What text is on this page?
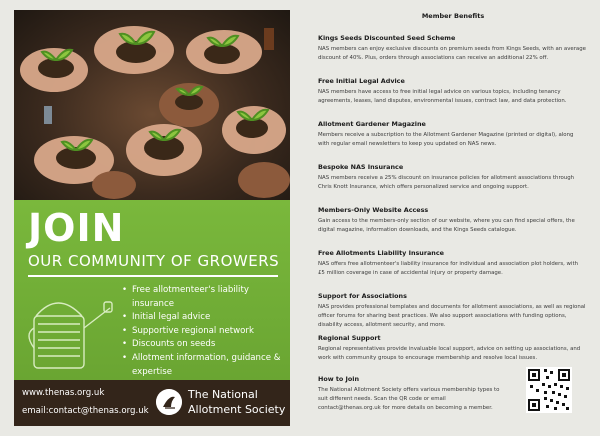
JOIN
OUR COMMUNITY OF GROWERS
• Free allotmenteer's liability insurance
• Initial legal advice
• Supportive regional network
• Discounts on seeds
• Allotment information, guidance & expertise
www.thenas.org.uk
email:contact@thenas.org.uk
The National
Allotment Society
Member Benefits
Kings Seeds Discounted Seed Scheme
NAS members can enjoy exclusive discounts on premium seeds from Kings Seeds, with an average discount of 40%. Plus, orders through associations can receive an additional 22% off.
Free Initial Legal Advice
NAS members have access to free initial legal advice on various topics, including tenancy agreements, leases, land disputes, environmental issues, contract law, and data protection.
Allotment Gardener Magazine
Members receive a subscription to the Allotment Gardener Magazine (printed or digital), along with regular email newsletters to keep you updated on NAS news.
Bespoke NAS Insurance
NAS members receive a 25% discount on insurance policies for allotment associations through Chris Knott Insurance, which offers personalized service and ongoing support.
Members-Only Website Access
Gain access to the members-only section of our website, where you can find special offers, the digital magazine, information downloads, and the Kings Seeds catalogue.
Free Allotments Liability Insurance
NAS offers free allotmenteer's liability insurance for individual and association plot holders, with £5 million coverage in case of accidental injury or property damage.
Support for Associations
NAS provides professional templates and documents for allotment associations, as well as regional officer forums for sharing best practices. We also support associations with funding options, disability access, allotment security, and more.
Regional Support
Regional representatives provide invaluable local support, advice on setting up associations, and work with community groups to encourage membership and resolve local issues.
How to Join
The National Allotment Society offers various membership types to suit different needs. Scan the QR code or email contact@thenas.org.uk for more details on becoming a member.
